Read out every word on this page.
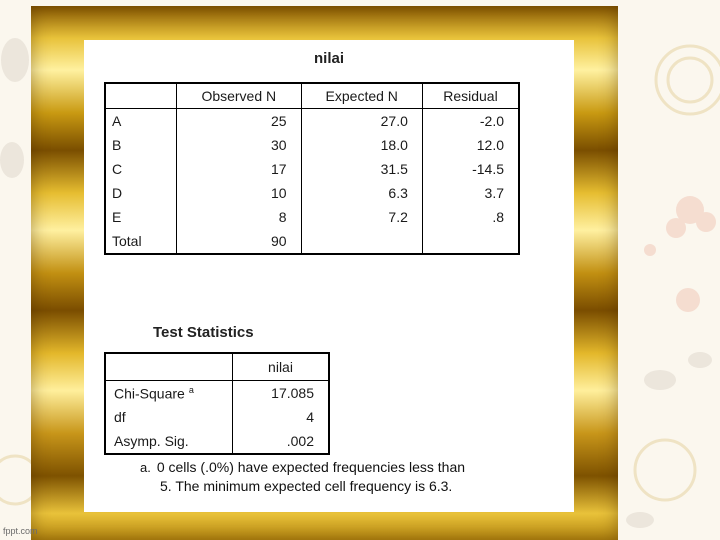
nilai
	Observed N	Expected N	Residual
A	25	27.0	-2.0
B	30	18.0	12.0
C	17	31.5	-14.5
D	10	6.3	3.7
E	8	7.2	.8
Total	90		
Test Statistics
	nilai
Chi-Square $^a$	17.085
df	4
Asymp. Sig.	.002
a. 0 cells (.0%) have expected frequencies less than
5. The minimum expected cell frequency is 6.3.
fppt.com
